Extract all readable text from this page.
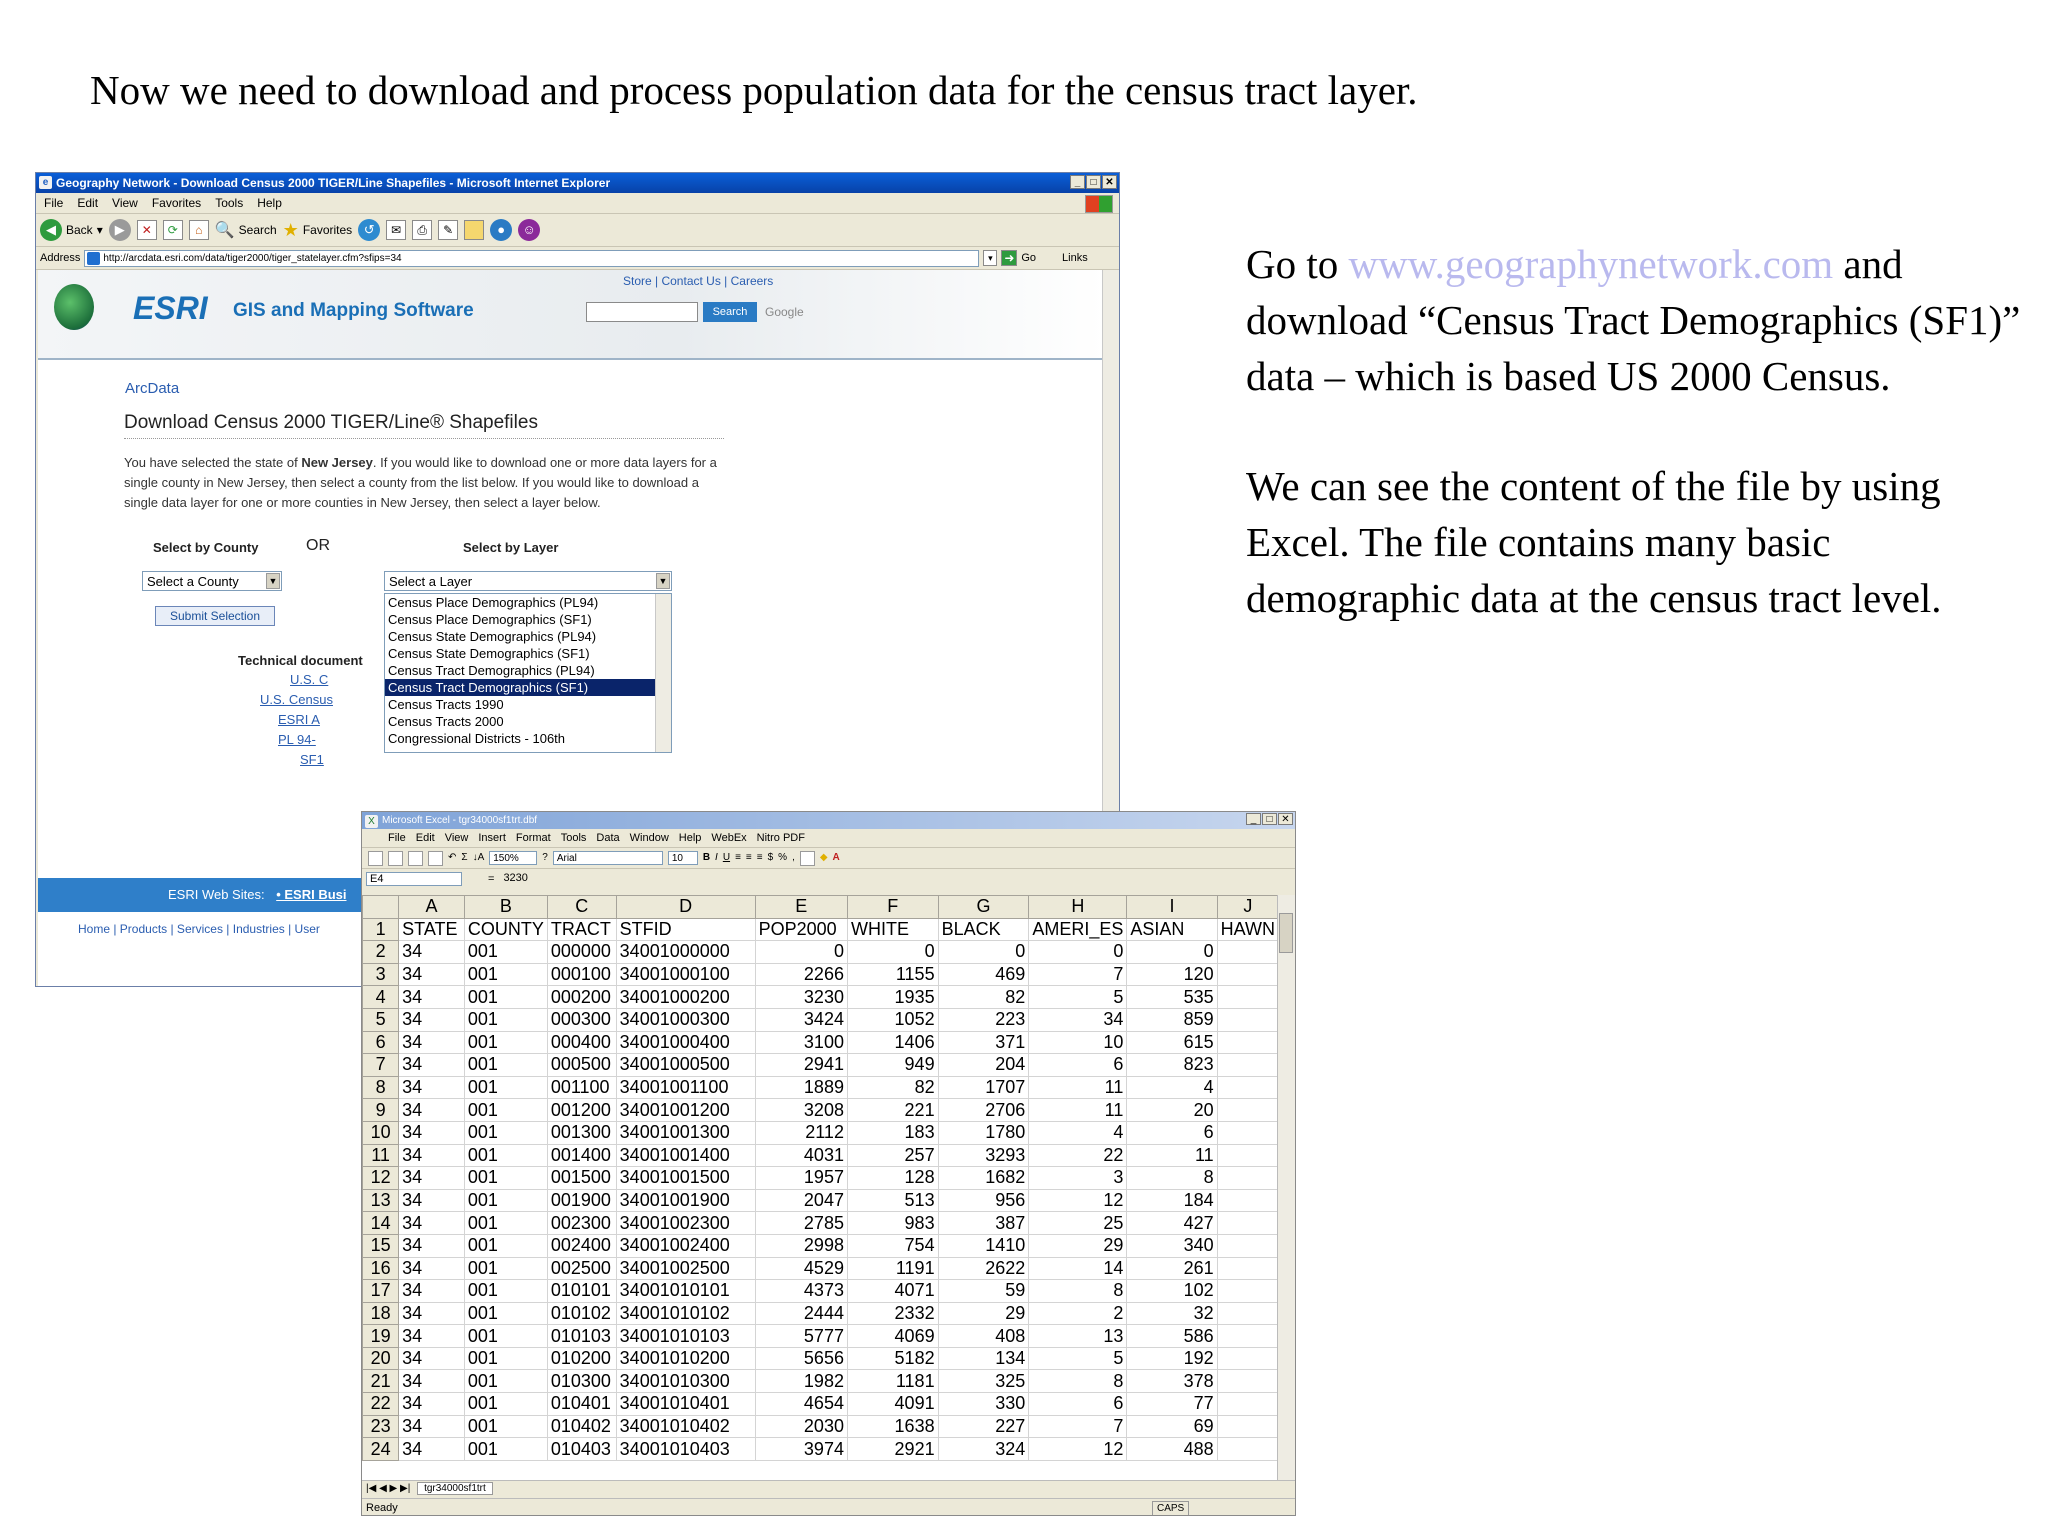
Now we need to download and process population data for the census tract layer.

Go to www.geographynetwork.com and download “Census Tract Demographics (SF1)” data – which is based US 2000 Census.

We can see the content of the file by using Excel. The file contains many basic demographic data at the census tract level.

e Geography Network - Download Census 2000 TIGER/Line Shapefiles - Microsoft Internet Explorer	_	□ ✕
File Edit View Favorites Tools Help
◀ Back ▾ ▶	✕	⟳	⌂ 🔍 Search ★ Favorites ↺	✉	⎙	✎	●	☺
Address	http://arcdata.esri.com/data/tiger2000/tiger_statelayer.cfm?sfips=34	▾ ➜ Go Links
Store | Contact Us | Careers
ESRI GIS and Mapping Software	Search	Google
ArcData
Download Census 2000 TIGER/Line® Shapefiles
You have selected the state of New Jersey. If you would like to download one or more data layers for a single county in New Jersey, then select a county from the list below. If you would like to download a single data layer for one or more counties in New Jersey, then select a layer below.
Select by County	OR	Select by Layer
Select a County	▼
Submit Selection
Select a Layer	▼
Census Place Demographics (PL94)
Census Place Demographics (SF1)
Census State Demographics (PL94)
Census State Demographics (SF1)
Census Tract Demographics (PL94)
Census Tract Demographics (SF1)
Census Tracts 1990
Census Tracts 2000
Congressional Districts - 106th
Technical document
U.S. C
U.S. Census
ESRI A
PL 94-
SF1
ESRI Web Sites: • ESRI Busi
Home | Products | Services | Industries | User
X Microsoft Excel - tgr34000sf1trt.dbf	_	□ ✕
File Edit View Insert Format Tools Data Window Help WebEx Nitro PDF
↶ Σ ↓A 150%	? Arial	10	B I U ≡ ≡ ≡ $ % ,	◆ A
E4	= 3230
	A	B	C	D	E	F	G	H	I	J
1	STATE	COUNTY	TRACT	STFID	POP2000	WHITE	BLACK	AMERI_ES	ASIAN	HAWN
2	34	001	000000	34001000000	0	0	0	0	0	
3	34	001	000100	34001000100	2266	1155	469	7	120	
4	34	001	000200	34001000200	3230	1935	82	5	535	
5	34	001	000300	34001000300	3424	1052	223	34	859	
6	34	001	000400	34001000400	3100	1406	371	10	615	
7	34	001	000500	34001000500	2941	949	204	6	823	
8	34	001	001100	34001001100	1889	82	1707	11	4	
9	34	001	001200	34001001200	3208	221	2706	11	20	
10	34	001	001300	34001001300	2112	183	1780	4	6	
11	34	001	001400	34001001400	4031	257	3293	22	11	
12	34	001	001500	34001001500	1957	128	1682	3	8	
13	34	001	001900	34001001900	2047	513	956	12	184	
14	34	001	002300	34001002300	2785	983	387	25	427	
15	34	001	002400	34001002400	2998	754	1410	29	340	
16	34	001	002500	34001002500	4529	1191	2622	14	261	
17	34	001	010101	34001010101	4373	4071	59	8	102	
18	34	001	010102	34001010102	2444	2332	29	2	32	
19	34	001	010103	34001010103	5777	4069	408	13	586	
20	34	001	010200	34001010200	5656	5182	134	5	192	
21	34	001	010300	34001010300	1982	1181	325	8	378	
22	34	001	010401	34001010401	4654	4091	330	6	77	
23	34	001	010402	34001010402	2030	1638	227	7	69	
24	34	001	010403	34001010403	3974	2921	324	12	488	
|◀ ◀ ▶ ▶| tgr34000sf1trt
Ready	CAPS
